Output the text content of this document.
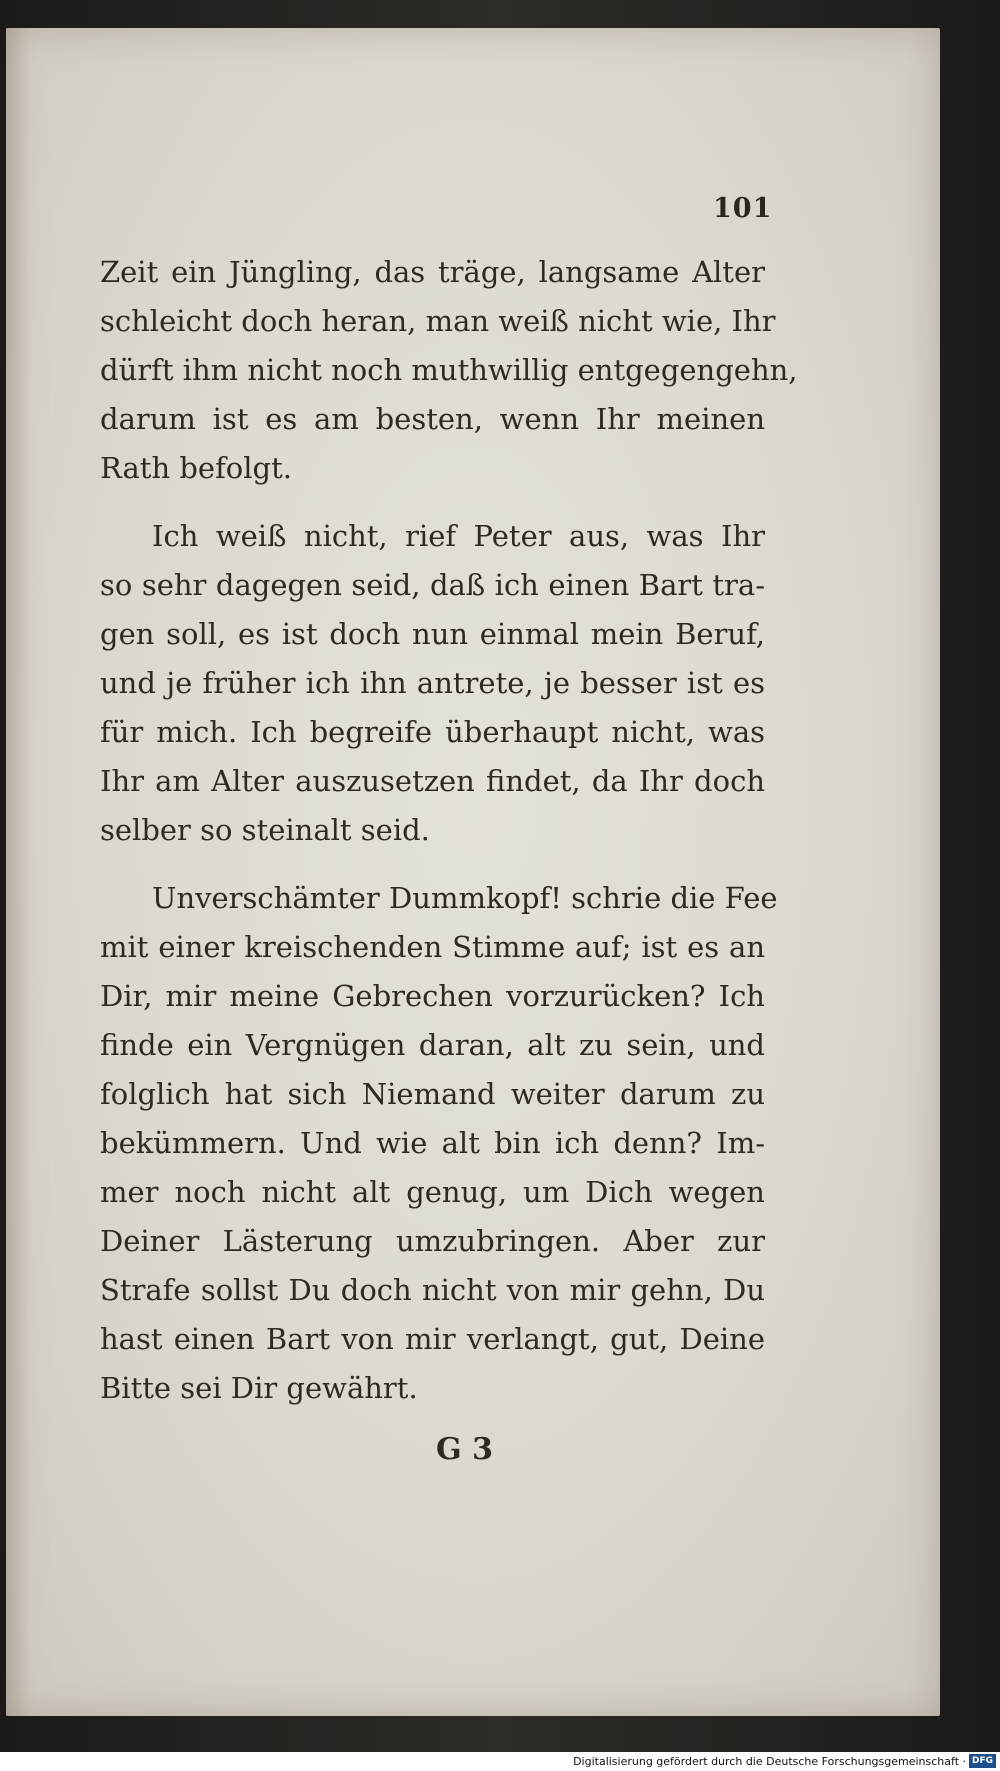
101
Zeit ein Jüngling, das träge, langsame Alter
schleicht doch heran, man weiß nicht wie, Ihr
dürft ihm nicht noch muthwillig entgegengehn,
darum ist es am besten, wenn Ihr meinen
Rath befolgt.
Ich weiß nicht, rief Peter aus, was Ihr
so sehr dagegen seid, daß ich einen Bart tra-
gen soll, es ist doch nun einmal mein Beruf,
und je früher ich ihn antrete, je besser ist es
für mich. Ich begreife überhaupt nicht, was
Ihr am Alter auszusetzen findet, da Ihr doch
selber so steinalt seid.
Unverschämter Dummkopf! schrie die Fee
mit einer kreischenden Stimme auf; ist es an
Dir, mir meine Gebrechen vorzurücken? Ich
finde ein Vergnügen daran, alt zu sein, und
folglich hat sich Niemand weiter darum zu
bekümmern. Und wie alt bin ich denn? Im-
mer noch nicht alt genug, um Dich wegen
Deiner Lästerung umzubringen. Aber zur
Strafe sollst Du doch nicht von mir gehn, Du
hast einen Bart von mir verlangt, gut, Deine
Bitte sei Dir gewährt.
G 3
Digitalisierung gefördert durch die Deutsche Forschungsgemeinschaft · DFG
